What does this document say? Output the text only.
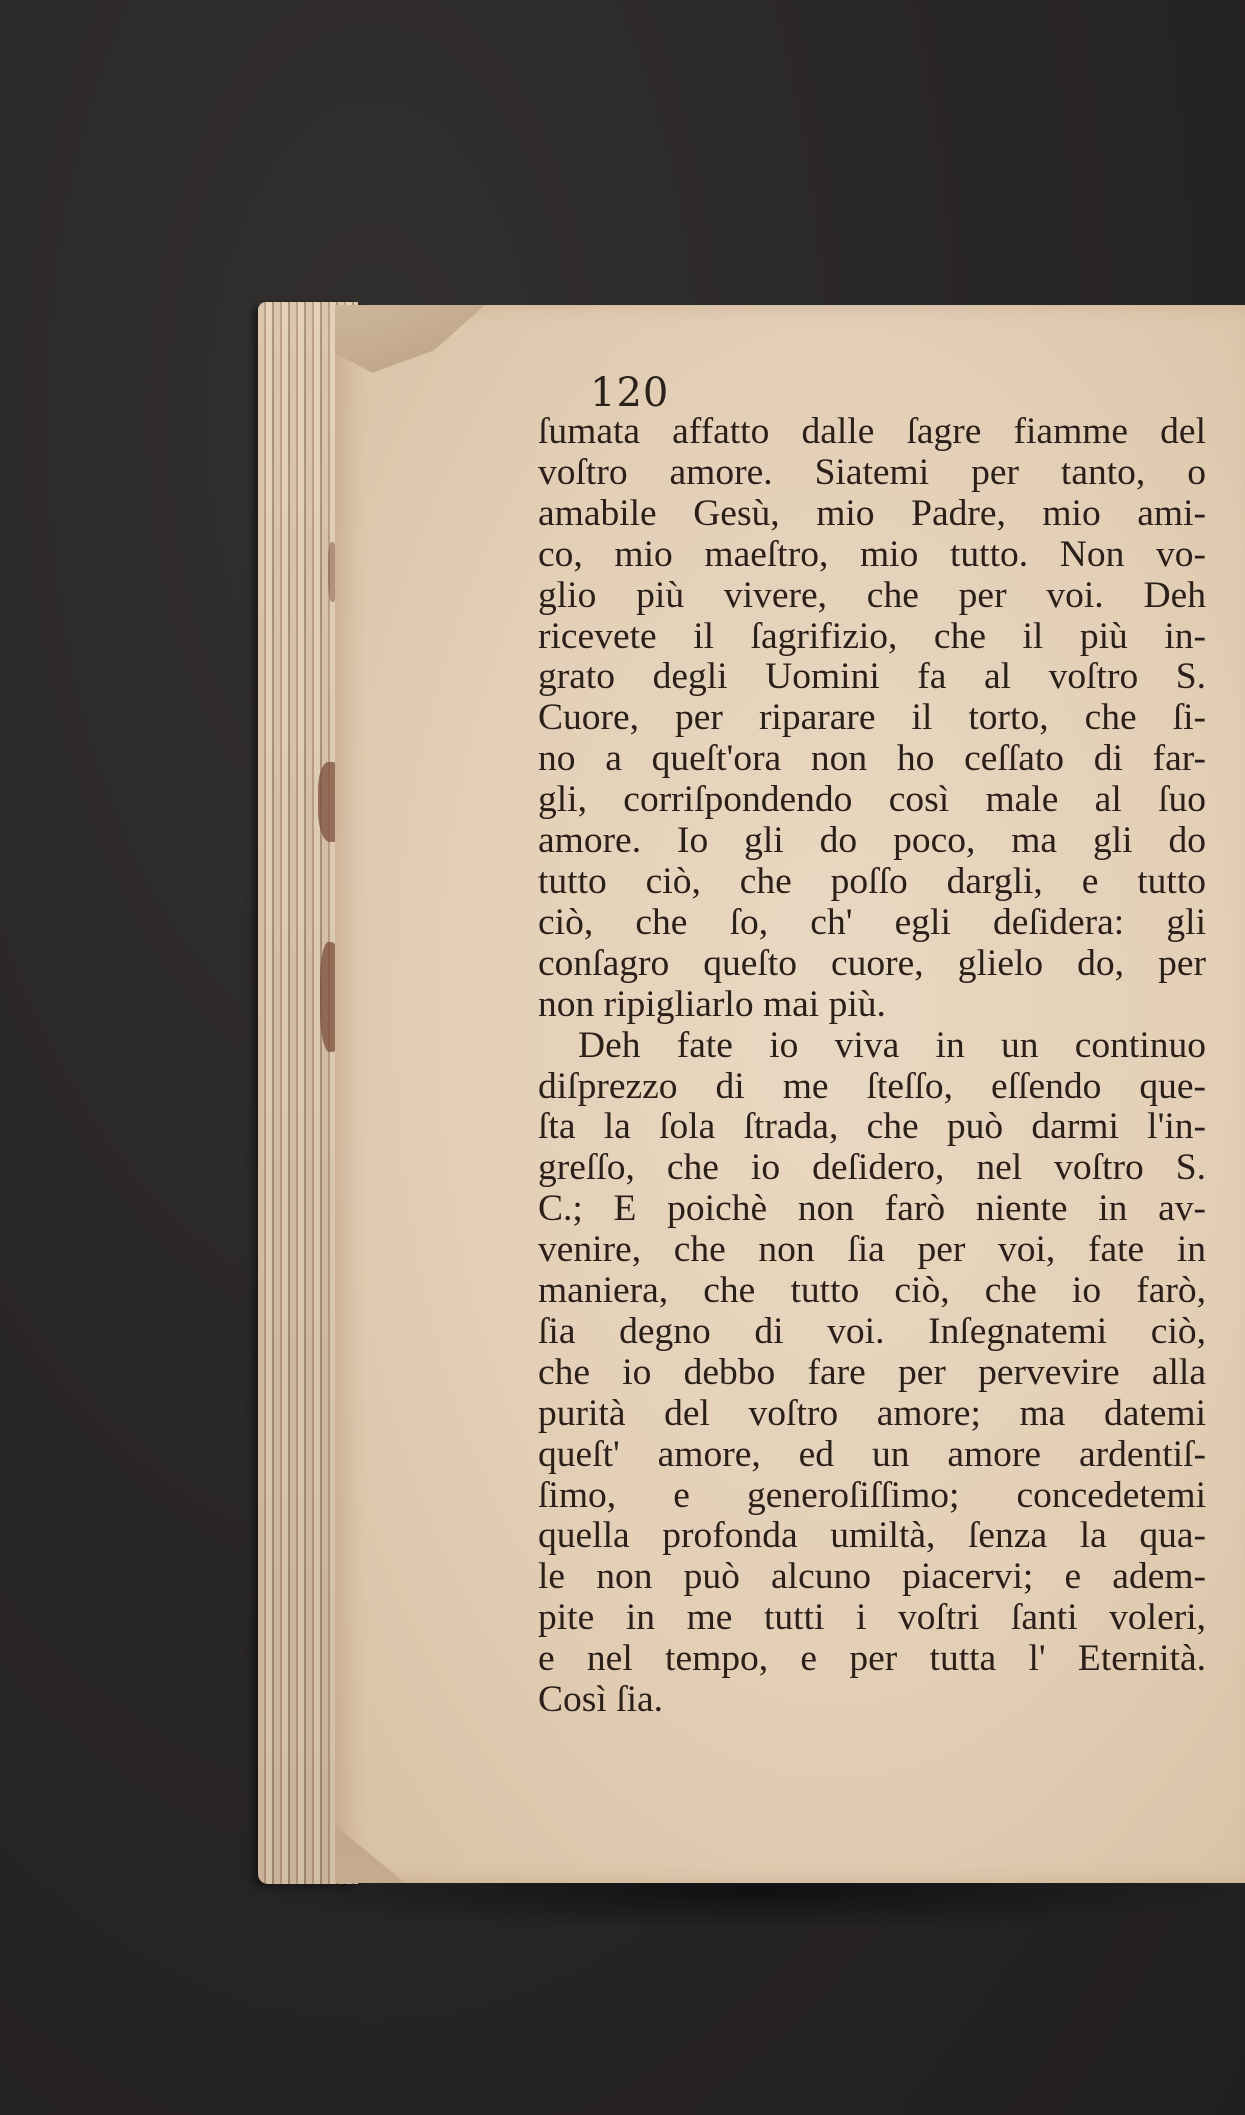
120
ſumata affatto dalle ſagre fiamme del
voſtro amore. Siatemi per tanto, o
amabile Gesù, mio Padre, mio ami-
co, mio maeſtro, mio tutto. Non vo-
glio più vivere, che per voi. Deh
ricevete il ſagrifizio, che il più in-
grato degli Uomini fa al voſtro S.
Cuore, per riparare il torto, che ſi-
no a queſt'ora non ho ceſſato di far-
gli, corriſpondendo così male al ſuo
amore. Io gli do poco, ma gli do
tutto ciò, che poſſo dargli, e tutto
ciò, che ſo, ch' egli deſidera: gli
conſagro queſto cuore, glielo do, per
non ripigliarlo mai più.
Deh fate io viva in un continuo
diſprezzo di me ſteſſo, eſſendo que-
ſta la ſola ſtrada, che può darmi l'in-
greſſo, che io deſidero, nel voſtro S.
C.; E poichè non farò niente in av-
venire, che non ſia per voi, fate in
maniera, che tutto ciò, che io farò,
ſia degno di voi. Inſegnatemi ciò,
che io debbo fare per pervevire alla
purità del voſtro amore; ma datemi
queſt' amore, ed un amore ardentiſ-
ſimo, e generoſiſſimo; concedetemi
quella profonda umiltà, ſenza la qua-
le non può alcuno piacervi; e adem-
pite in me tutti i voſtri ſanti voleri,
e nel tempo, e per tutta l' Eternità.
Così ſia.
